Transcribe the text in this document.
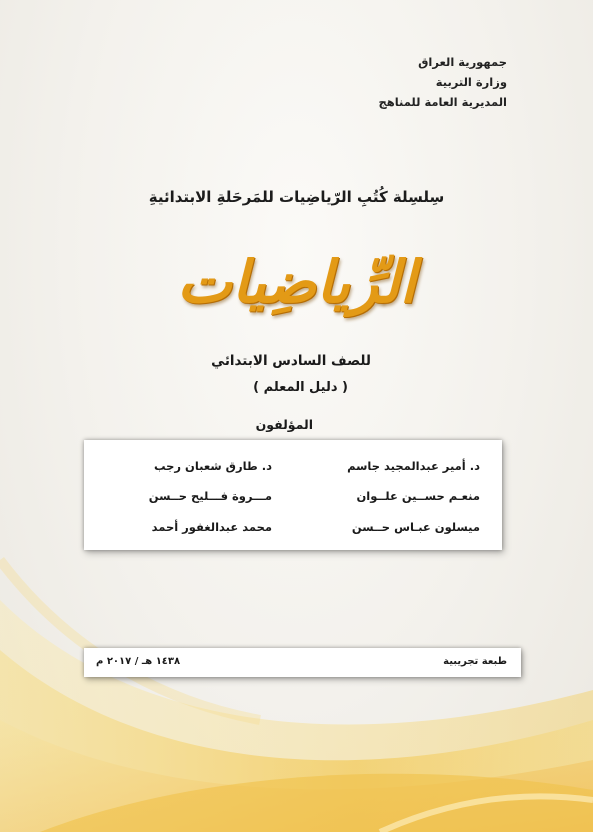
جمهورية العراق
وزارة التربية
المديرية العامة للمناهج
سِلسِلة كُتُبِ الرّياضِيات للمَرحَلةِ الابتدائيةِ
الرِّياضِيات
للصف السادس الابتدائي
( دليل المعلم )
المؤلفون
د. أمير عبدالمجيد جاسم
د. طارق شعبان رجب
منعـم حســين علــوان
مـــروة فـــليح حــسن
ميسلون عبـاس حــسن
محمد عبدالغفور أحمد
طبعة تجريبية
١٤٣٨ هـ / ٢٠١٧ م
